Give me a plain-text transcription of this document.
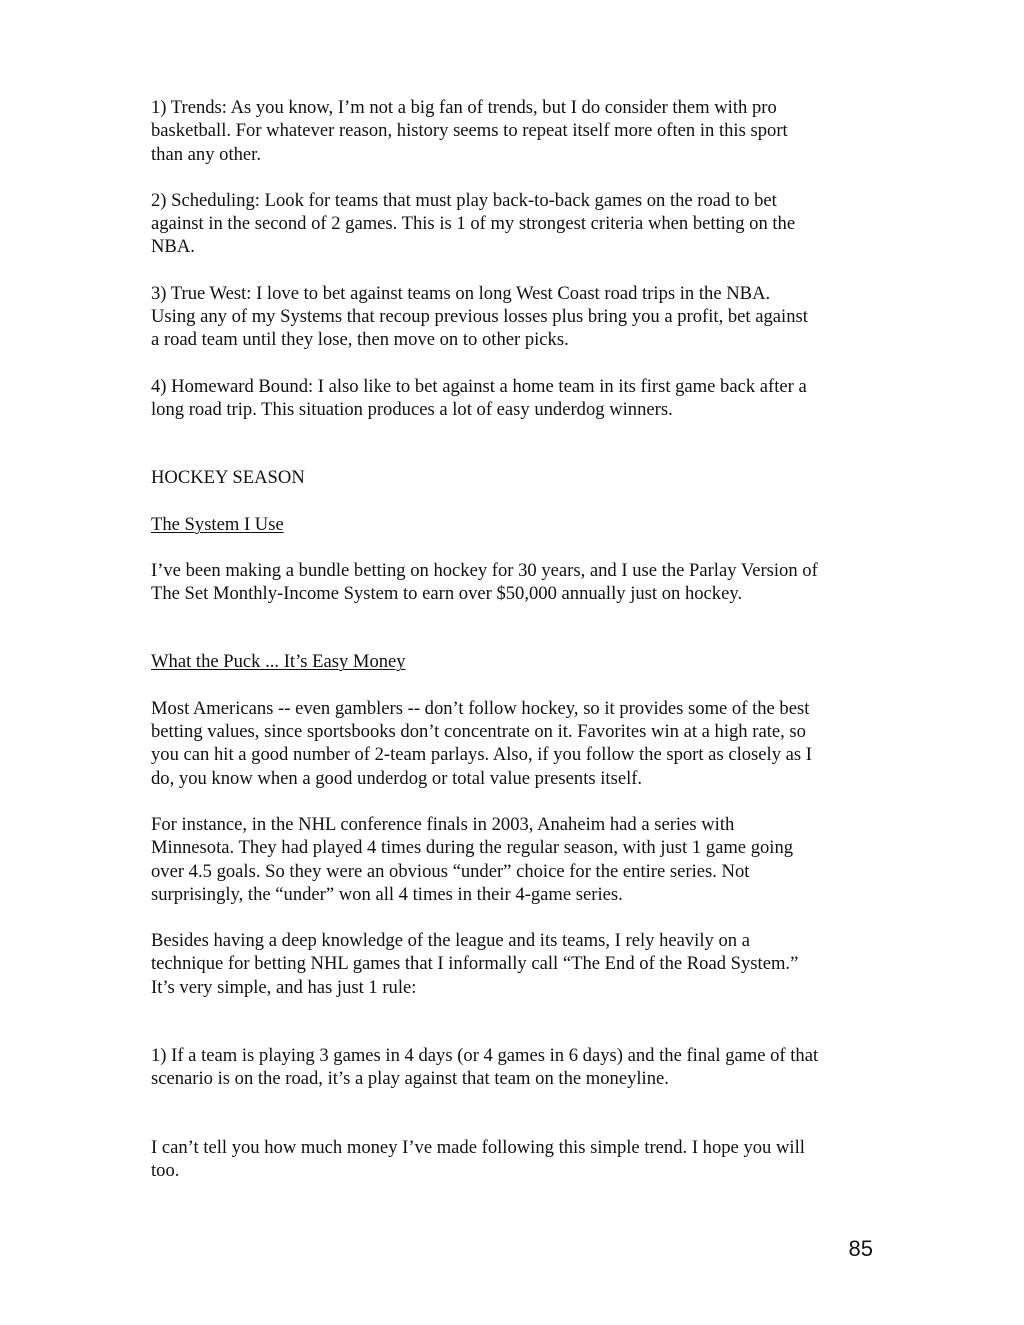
1) Trends: As you know, I’m not a big fan of trends, but I do consider them with pro
basketball. For whatever reason, history seems to repeat itself more often in this sport
than any other.

2) Scheduling: Look for teams that must play back-to-back games on the road to bet
against in the second of 2 games. This is 1 of my strongest criteria when betting on the
NBA.

3) True West: I love to bet against teams on long West Coast road trips in the NBA.
Using any of my Systems that recoup previous losses plus bring you a profit, bet against
a road team until they lose, then move on to other picks.

4) Homeward Bound: I also like to bet against a home team in its first game back after a
long road trip. This situation produces a lot of easy underdog winners.

HOCKEY SEASON

The System I Use

I’ve been making a bundle betting on hockey for 30 years, and I use the Parlay Version of
The Set Monthly-Income System to earn over $50,000 annually just on hockey.

What the Puck ... It’s Easy Money

Most Americans -- even gamblers -- don’t follow hockey, so it provides some of the best
betting values, since sportsbooks don’t concentrate on it. Favorites win at a high rate, so
you can hit a good number of 2-team parlays. Also, if you follow the sport as closely as I
do, you know when a good underdog or total value presents itself.

For instance, in the NHL conference finals in 2003, Anaheim had a series with
Minnesota. They had played 4 times during the regular season, with just 1 game going
over 4.5 goals. So they were an obvious “under” choice for the entire series. Not
surprisingly, the “under” won all 4 times in their 4-game series.

Besides having a deep knowledge of the league and its teams, I rely heavily on a
technique for betting NHL games that I informally call “The End of the Road System.”
It’s very simple, and has just 1 rule:

1) If a team is playing 3 games in 4 days (or 4 games in 6 days) and the final game of that
scenario is on the road, it’s a play against that team on the moneyline.

I can’t tell you how much money I’ve made following this simple trend. I hope you will
too.

85
